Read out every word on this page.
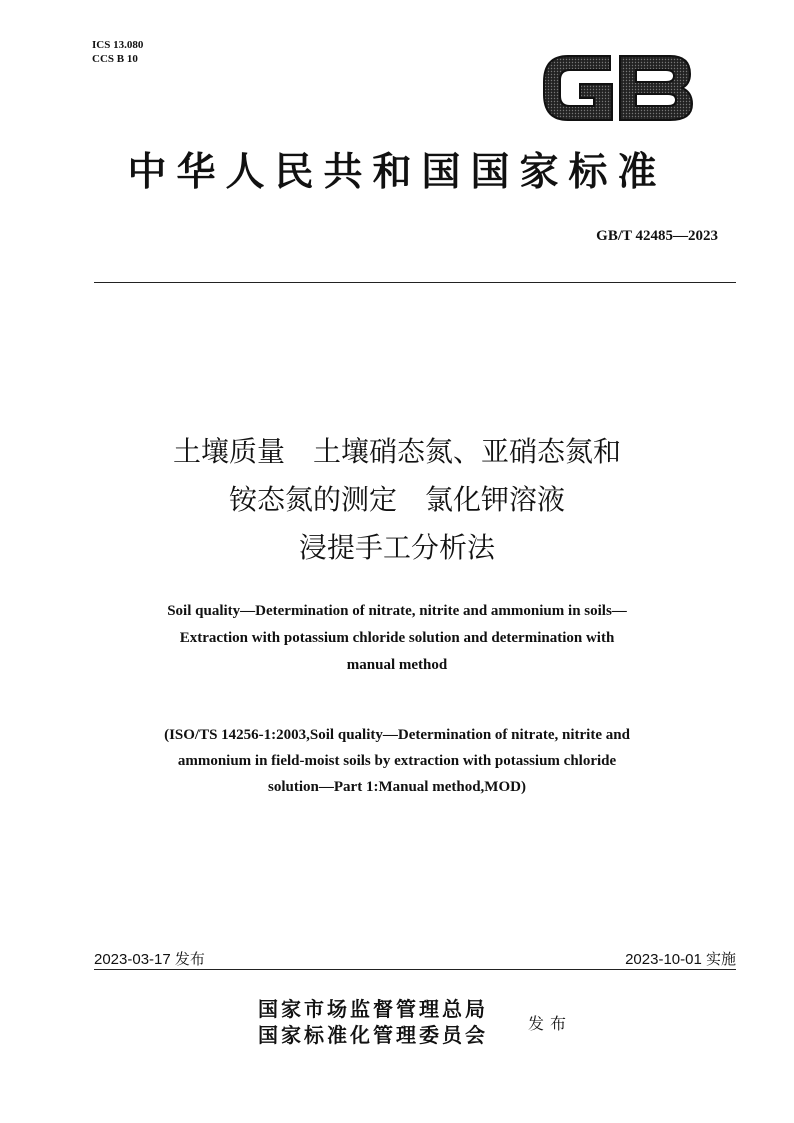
ICS 13.080
CCS B 10
中华人民共和国国家标准
GB/T 42485—2023
土壤质量　土壤硝态氮、亚硝态氮和
铵态氮的测定　氯化钾溶液
浸提手工分析法
Soil quality—Determination of nitrate, nitrite and ammonium in soils—
Extraction with potassium chloride solution and determination with
manual method
(ISO/TS 14256-1:2003,Soil quality—Determination of nitrate, nitrite and
ammonium in field-moist soils by extraction with potassium chloride
solution—Part 1:Manual method,MOD)
2023-03-17 发布	2023-10-01 实施
国家市场监督管理总局
国家标准化管理委员会	发布
